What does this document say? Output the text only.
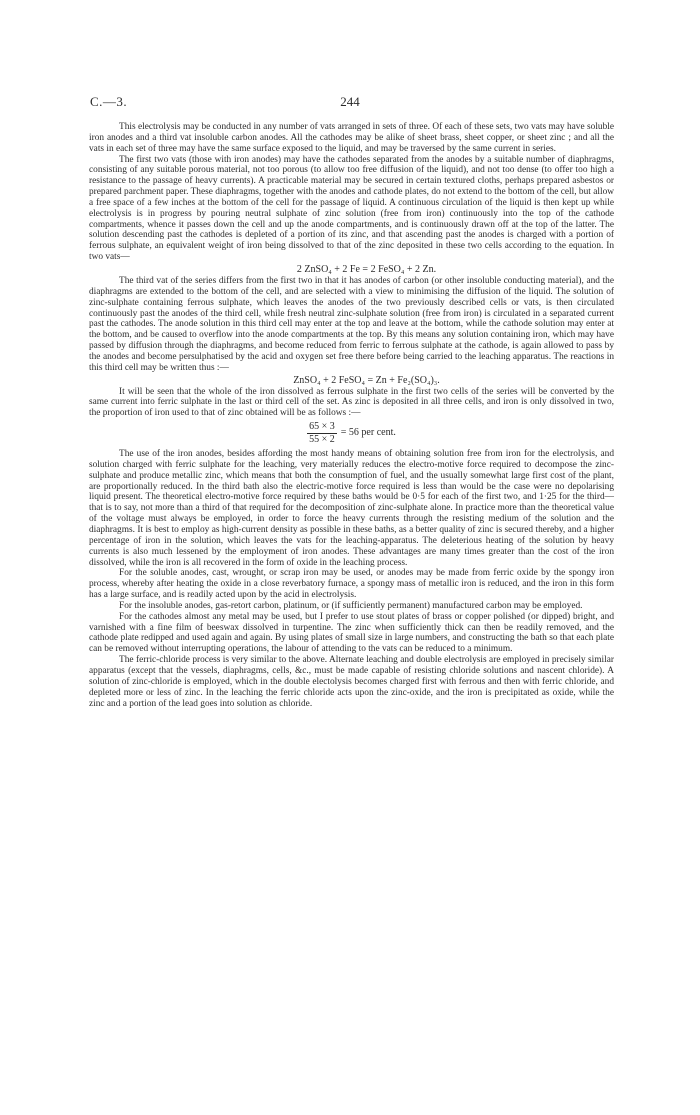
C.—3.	244

This electrolysis may be conducted in any number of vats arranged in sets of three. Of each of these sets, two vats may have soluble iron anodes and a third vat insoluble carbon anodes. All the cathodes may be alike of sheet brass, sheet copper, or sheet zinc ; and all the vats in each set of three may have the same surface exposed to the liquid, and may be traversed by the same current in series.

The first two vats (those with iron anodes) may have the cathodes separated from the anodes by a suitable number of diaphragms, consisting of any suitable porous material, not too porous (to allow too free diffusion of the liquid), and not too dense (to offer too high a resistance to the passage of heavy currents). A practicable material may be secured in certain textured cloths, perhaps prepared asbestos or prepared parchment paper. These diaphragms, together with the anodes and cathode plates, do not extend to the bottom of the cell, but allow a free space of a few inches at the bottom of the cell for the passage of liquid. A continuous circulation of the liquid is then kept up while electrolysis is in progress by pouring neutral sulphate of zinc solution (free from iron) continuously into the top of the cathode compartments, whence it passes down the cell and up the anode compartments, and is continuously drawn off at the top of the latter. The solution descending past the cathodes is depleted of a portion of its zinc, and that ascending past the anodes is charged with a portion of ferrous sulphate, an equivalent weight of iron being dissolved to that of the zinc deposited in these two cells according to the equation. In two vats—

2 ZnSO₄ + 2 Fe = 2 FeSO₄ + 2 Zn.

The third vat of the series differs from the first two in that it has anodes of carbon (or other insoluble conducting material), and the diaphragms are extended to the bottom of the cell, and are selected with a view to minimising the diffusion of the liquid. The solution of zinc-sulphate containing ferrous sulphate, which leaves the anodes of the two previously described cells or vats, is then circulated continuously past the anodes of the third cell, while fresh neutral zinc-sulphate solution (free from iron) is circulated in a separated current past the cathodes. The anode solution in this third cell may enter at the top and leave at the bottom, while the cathode solution may enter at the bottom, and be caused to overflow into the anode compartments at the top. By this means any solution containing iron, which may have passed by diffusion through the diaphragms, and become reduced from ferric to ferrous sulphate at the cathode, is again allowed to pass by the anodes and become persulphatised by the acid and oxygen set free there before being carried to the leaching apparatus. The reactions in this third cell may be written thus :—

ZnSO₄ + 2 FeSO₄ = Zn + Fe₂(SO₄)₃.

It will be seen that the whole of the iron dissolved as ferrous sulphate in the first two cells of the series will be converted by the same current into ferric sulphate in the last or third cell of the set. As zinc is deposited in all three cells, and iron is only dissolved in two, the proportion of iron used to that of zinc obtained will be as follows :—

$\frac{65 \times 3}{55 \times 2} = 56$ per cent.

The use of the iron anodes, besides affording the most handy means of obtaining solution free from iron for the electrolysis, and solution charged with ferric sulphate for the leaching, very materially reduces the electro-motive force required to decompose the zinc-sulphate and produce metallic zinc, which means that both the consumption of fuel, and the usually somewhat large first cost of the plant, are proportionally reduced. In the third bath also the electric-motive force required is less than would be the case were no depolarising liquid present. The theoretical electro-motive force required by these baths would be 0·5 for each of the first two, and 1·25 for the third—that is to say, not more than a third of that required for the decomposition of zinc-sulphate alone. In practice more than the theoretical value of the voltage must always be employed, in order to force the heavy currents through the resisting medium of the solution and the diaphragms. It is best to employ as high-current density as possible in these baths, as a better quality of zinc is secured thereby, and a higher percentage of iron in the solution, which leaves the vats for the leaching-apparatus. The deleterious heating of the solution by heavy currents is also much lessened by the employment of iron anodes. These advantages are many times greater than the cost of the iron dissolved, while the iron is all recovered in the form of oxide in the leaching process.

For the soluble anodes, cast, wrought, or scrap iron may be used, or anodes may be made from ferric oxide by the spongy iron process, whereby after heating the oxide in a close reverbatory furnace, a spongy mass of metallic iron is reduced, and the iron in this form has a large surface, and is readily acted upon by the acid in electrolysis.

For the insoluble anodes, gas-retort carbon, platinum, or (if sufficiently permanent) manufactured carbon may be employed.

For the cathodes almost any metal may be used, but I prefer to use stout plates of brass or copper polished (or dipped) bright, and varnished with a fine film of beeswax dissolved in turpentine. The zinc when sufficiently thick can then be readily removed, and the cathode plate redipped and used again and again. By using plates of small size in large numbers, and constructing the bath so that each plate can be removed without interrupting operations, the labour of attending to the vats can be reduced to a minimum.

The ferric-chloride process is very similar to the above. Alternate leaching and double electrolysis are employed in precisely similar apparatus (except that the vessels, diaphragms, cells, &c., must be made capable of resisting chloride solutions and nascent chloride). A solution of zinc-chloride is employed, which in the double electolysis becomes charged first with ferrous and then with ferric chloride, and depleted more or less of zinc. In the leaching the ferric chloride acts upon the zinc-oxide, and the iron is precipitated as oxide, while the zinc and a portion of the lead goes into solution as chloride.
